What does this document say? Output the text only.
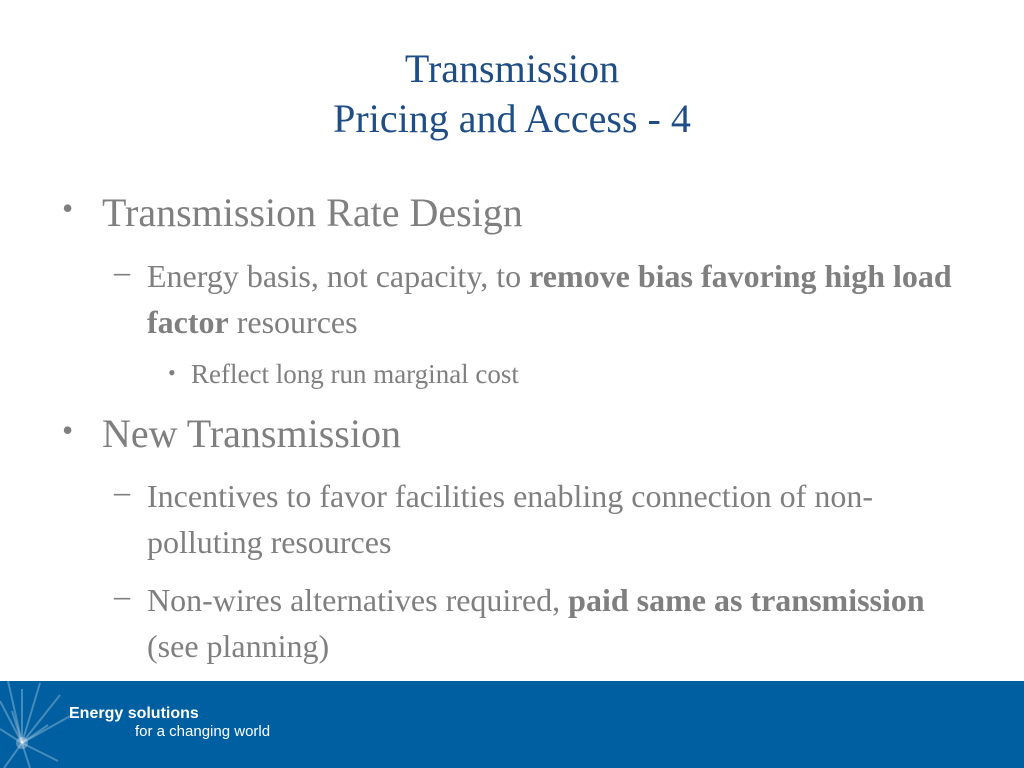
Transmission
Pricing and Access - 4
• Transmission Rate Design
– Energy basis, not capacity, to remove bias favoring high load factor resources
• Reflect long run marginal cost
• New Transmission
– Incentives to favor facilities enabling connection of non-polluting resources
– Non-wires alternatives required, paid same as transmission (see planning)
Energy solutions
for a changing world
